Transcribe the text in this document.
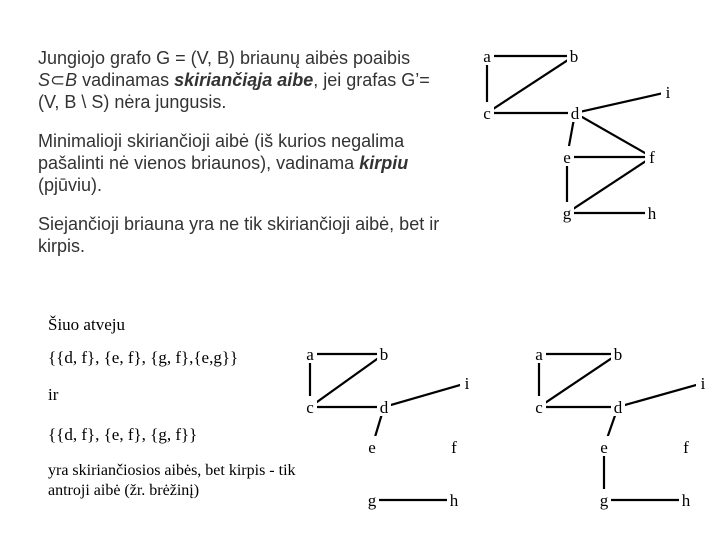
Jungiojo grafo G = (V, B) briaunų aibės poaibis S⊂B vadinamas skiriančiąja aibe, jei grafas G’=(V, B \ S) nėra jungusis.

Minimalioji skiriančioji aibė (iš kurios negalima pašalinti nė vienos briaunos), vadinama kirpiu (pjūviu).

Siejančioji briauna yra ne tik skiriančioji aibė, bet ir kirpis.

Šiuo atveju

{{d, f}, {e, f}, {g, f},{e,g}}

ir

{{d, f}, {e, f}, {g, f}}

yra skiriančiosios aibės, bet kirpis - tik antroji aibė (žr. brėžinį)

a	b
c	d
e	f
g	h
i
a	b
c	d
e	f
g	h
i
a	b
c	d
e	f
g	h
i
